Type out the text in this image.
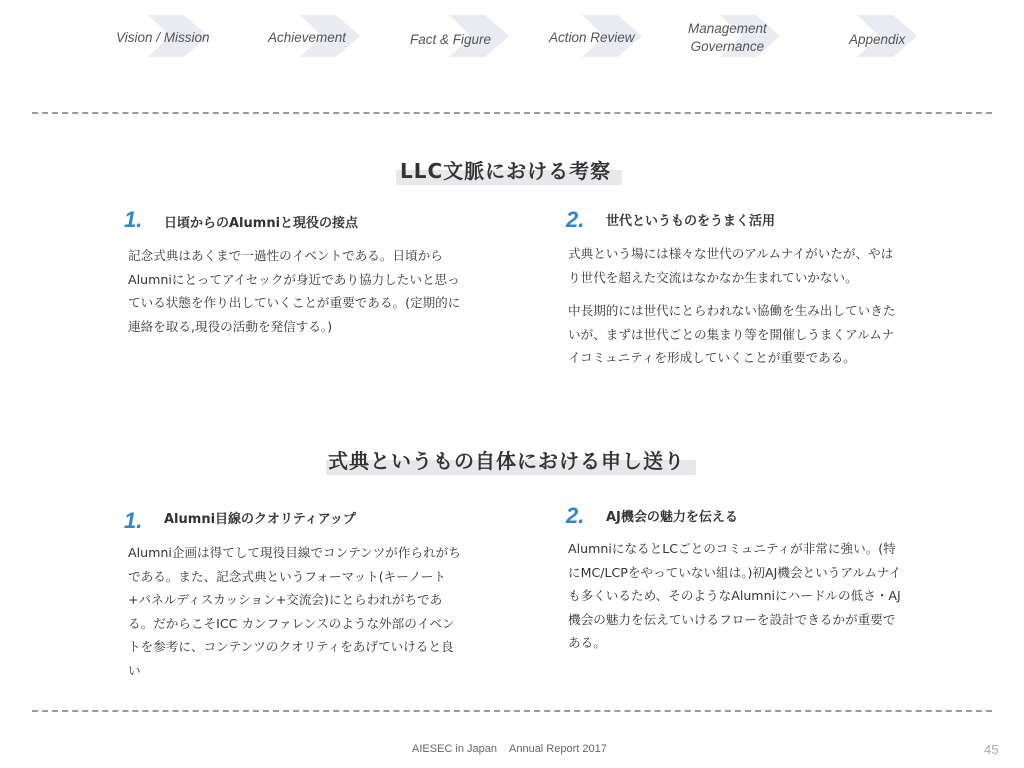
Vision / Mission	Achievement	Fact & Figure	Action Review
Management
Governance	Appendix
LLC文脈における考察
1. 日頃からのAlumniと現役の接点

記念式典はあくまで一過性のイベントである。日頃からAlumniにとってアイセックが身近であり協力したいと思っている状態を作り出していくことが重要である。(定期的に連絡を取る,現役の活動を発信する。)

2. 世代というものをうまく活用

式典という場には様々な世代のアルムナイがいたが、やはり世代を超えた交流はなかなか生まれていかない。

中長期的には世代にとらわれない協働を生み出していきたいが、まずは世代ごとの集まり等を開催しうまくアルムナイコミュニティを形成していくことが重要である。

式典というもの自体における申し送り
1. Alumni目線のクオリティアップ

Alumni企画は得てして現役目線でコンテンツが作られがちである。また、記念式典というフォーマット(キーノート+パネルディスカッション+交流会)にとらわれがちである。だからこそICC カンファレンスのような外部のイベントを参考に、コンテンツのクオリティをあげていけると良い

2. AJ機会の魅力を伝える

AlumniになるとLCごとのコミュニティが非常に強い。(特にMC/LCPをやっていない組は。)初AJ機会というアルムナイも多くいるため、そのようなAlumniにハードルの低さ・AJ機会の魅力を伝えていけるフローを設計できるかが重要である。

AIESEC in Japan Annual Report 2017	45
